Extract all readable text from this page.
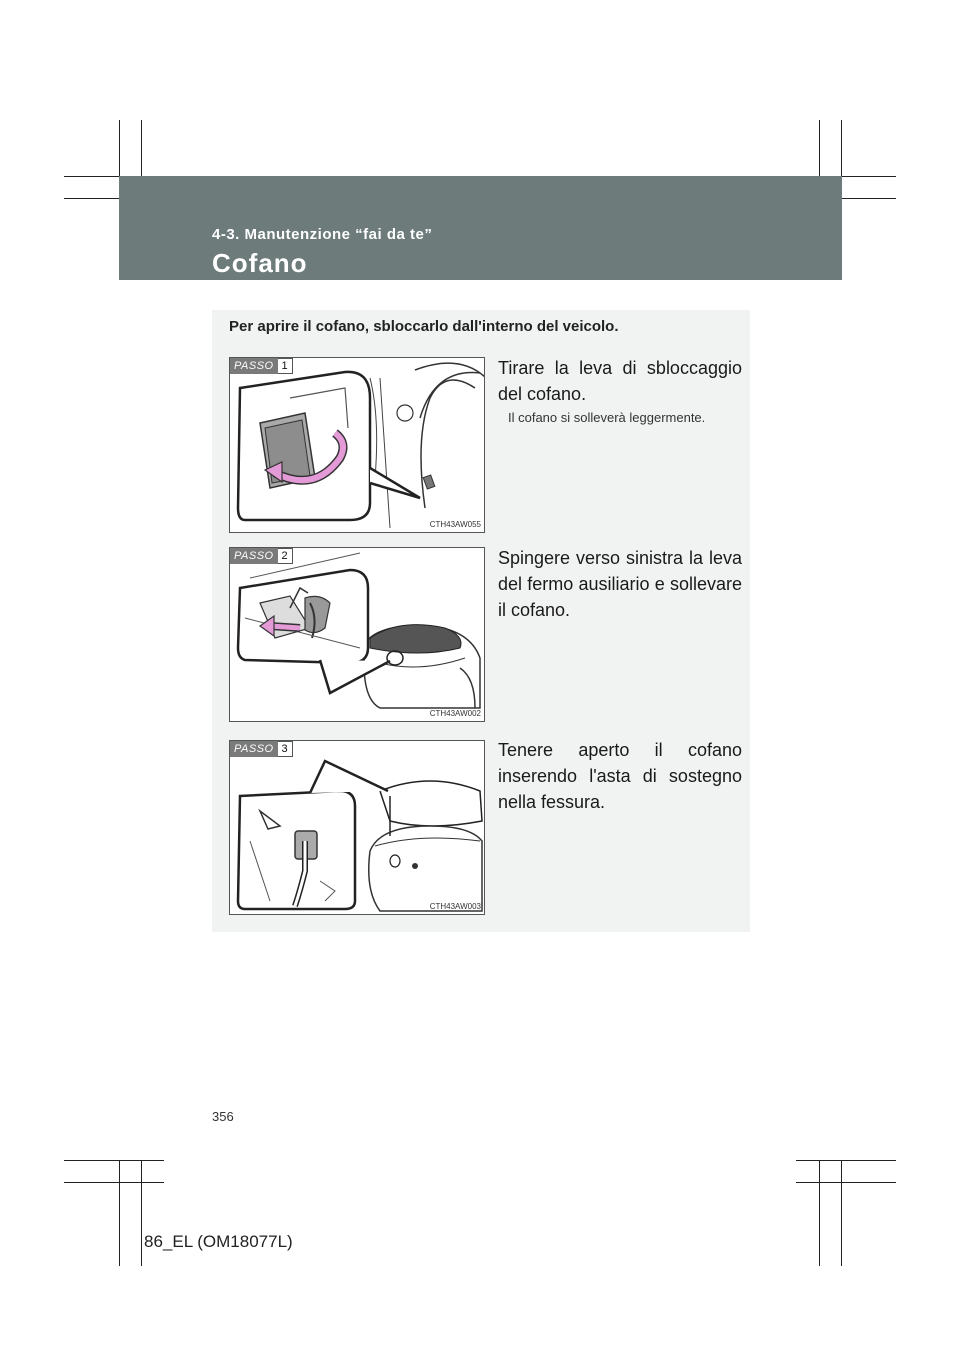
4-3. Manutenzione “fai da te”
Cofano
Per aprire il cofano, sbloccarlo dall'interno del veicolo.
PASSO 1
CTH43AW055
Tirare la leva di sbloccaggio del cofano.
Il cofano si solleverà leggermente.
PASSO 2
CTH43AW002
Spingere verso sinistra la leva del fermo ausiliario e sollevare il cofano.
PASSO 3
CTH43AW003
Tenere aperto il cofano inserendo l'asta di sostegno nella fessura.
356
86_EL (OM18077L)
